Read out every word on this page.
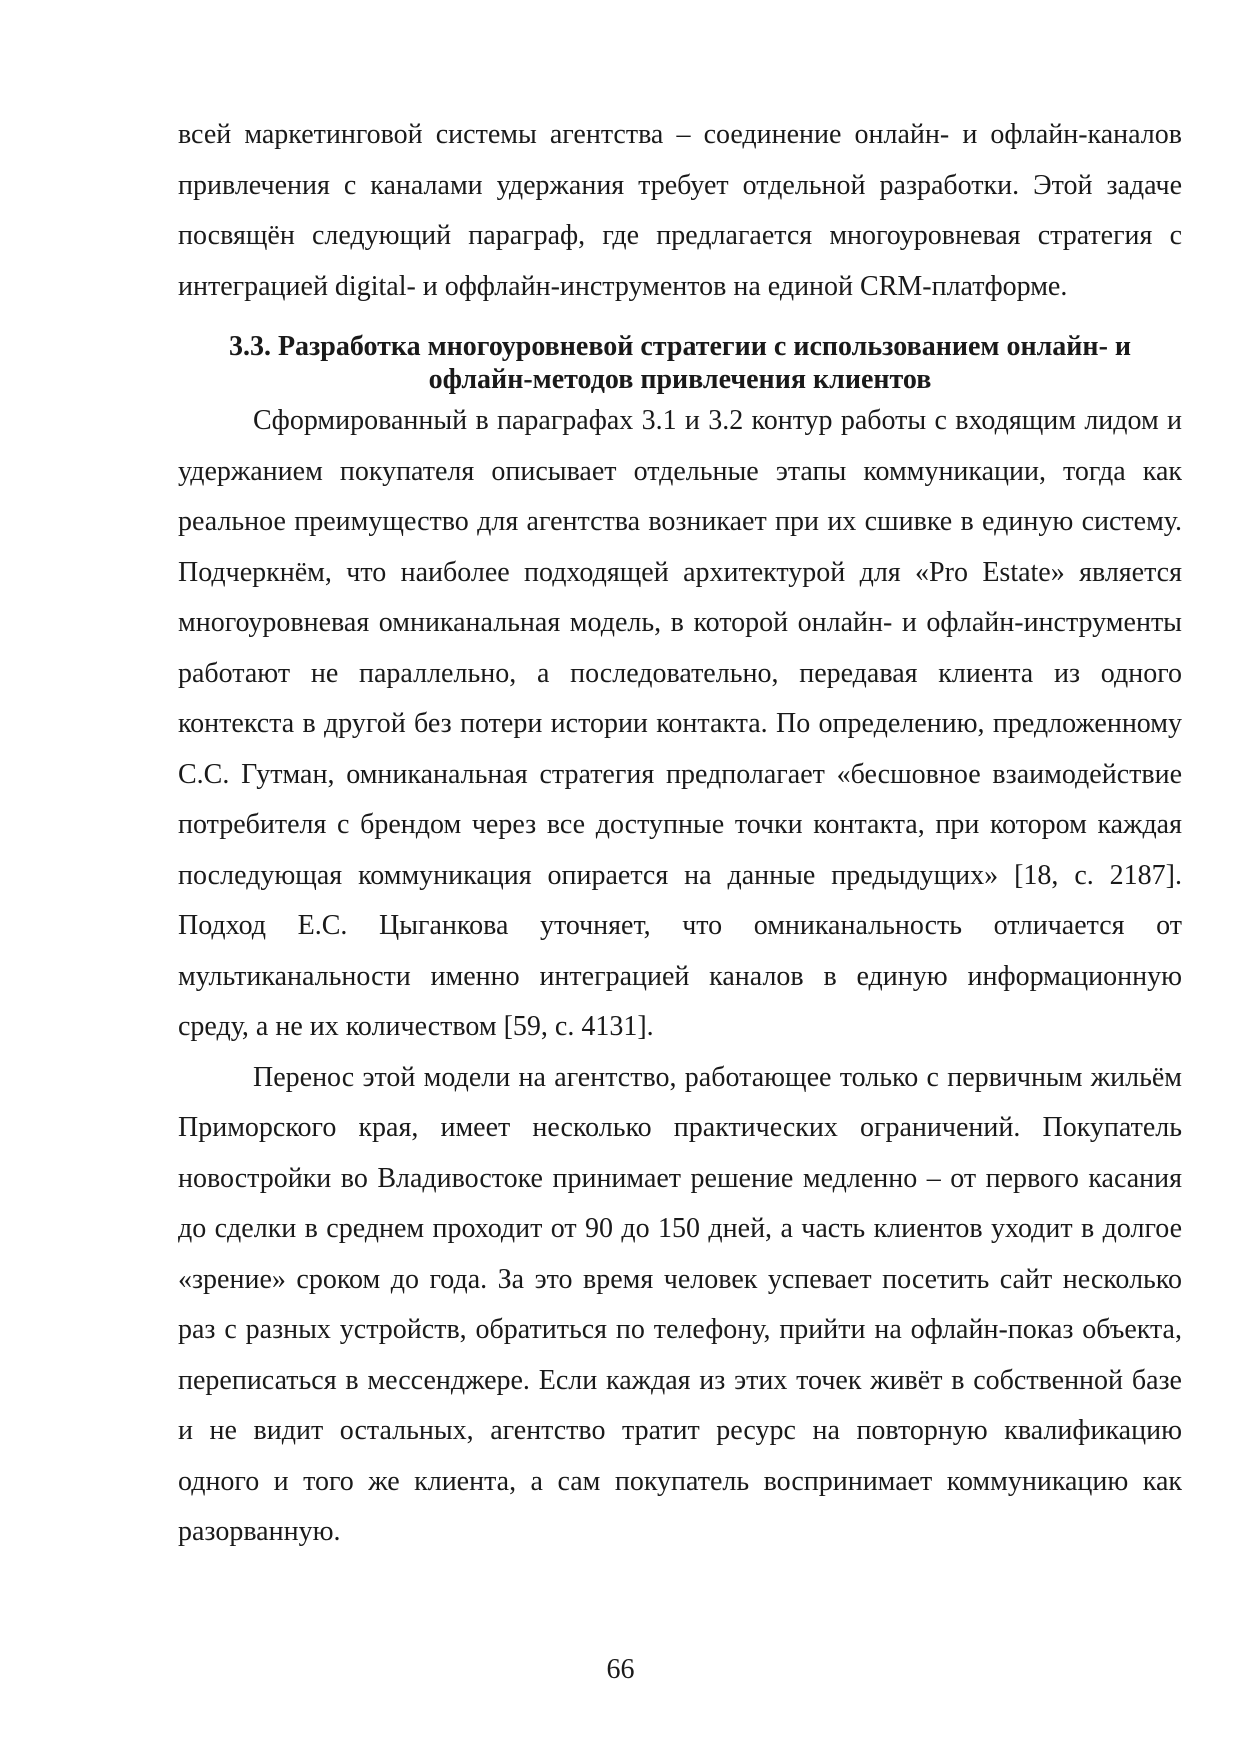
всей маркетинговой системы агентства – соединение онлайн- и офлайн-каналов привлечения с каналами удержания требует отдельной разработки. Этой задаче посвящён следующий параграф, где предлагается многоуровневая стратегия с интеграцией digital- и оффлайн-инструментов на единой CRM-платформе.

3.3. Разработка многоуровневой стратегии с использованием онлайн- и офлайн-методов привлечения клиентов

Сформированный в параграфах 3.1 и 3.2 контур работы с входящим лидом и удержанием покупателя описывает отдельные этапы коммуникации, тогда как реальное преимущество для агентства возникает при их сшивке в единую систему. Подчеркнём, что наиболее подходящей архитектурой для «Pro Estate» является многоуровневая омниканальная модель, в которой онлайн- и офлайн-инструменты работают не параллельно, а последовательно, передавая клиента из одного контекста в другой без потери истории контакта. По определению, предложенному С.С. Гутман, омниканальная стратегия предполагает «бесшовное взаимодействие потребителя с брендом через все доступные точки контакта, при котором каждая последующая коммуникация опирается на данные предыдущих» [18, с. 2187]. Подход Е.С. Цыганкова уточняет, что омниканальность отличается от мультиканальности именно интеграцией каналов в единую информационную среду, а не их количеством [59, с. 4131].

Перенос этой модели на агентство, работающее только с первичным жильём Приморского края, имеет несколько практических ограничений. Покупатель новостройки во Владивостоке принимает решение медленно – от первого касания до сделки в среднем проходит от 90 до 150 дней, а часть клиентов уходит в долгое «зрение» сроком до года. За это время человек успевает посетить сайт несколько раз с разных устройств, обратиться по телефону, прийти на офлайн-показ объекта, переписаться в мессенджере. Если каждая из этих точек живёт в собственной базе и не видит остальных, агентство тратит ресурс на повторную квалификацию одного и того же клиента, а сам покупатель воспринимает коммуникацию как разорванную.

66
